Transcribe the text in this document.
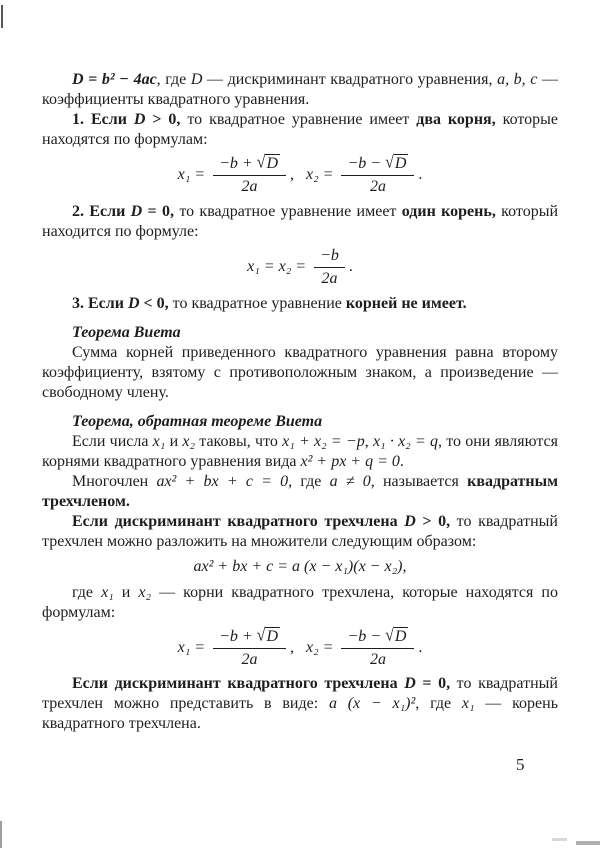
D = b² − 4ac, где D — дискриминант квадратного уравнения, a, b, c — коэффициенты квадратного уравнения.

1. Если D > 0, то квадратное уравнение имеет два корня, которые находятся по формулам:

$x_1 = \frac{-b + √D}{2a}$ , $x_2 = \frac{-b - √D}{2a}$ .

2. Если D = 0, то квадратное уравнение имеет один корень, который находится по формуле:

$x_1 = x_2 = \frac{-b}{2a}$ .

3. Если D < 0, то квадратное уравнение корней не имеет.

Теорема Виета

Сумма корней приведенного квадратного уравнения равна второму коэффициенту, взятому с противоположным знаком, а произведение — свободному члену.

Теорема, обратная теореме Виета

Если числа x₁ и x₂ таковы, что x₁ + x₂ = −p, x₁ · x₂ = q, то они являются корнями квадратного уравнения вида x² + px + q = 0.

Многочлен ax² + bx + c = 0, где a ≠ 0, называется квадратным трехчленом.

Если дискриминант квадратного трехчлена D > 0, то квадратный трехчлен можно разложить на множители следующим образом:

ax² + bx + c = a (x − x₁)(x − x₂),

где x₁ и x₂ — корни квадратного трехчлена, которые находятся по формулам:

$x_1 = \frac{-b + √D}{2a}$ , $x_2 = \frac{-b - √D}{2a}$ .

Если дискриминант квадратного трехчлена D = 0, то квадратный трехчлен можно представить в виде: a (x − x₁)², где x₁ — корень квадратного трехчлена.

5
